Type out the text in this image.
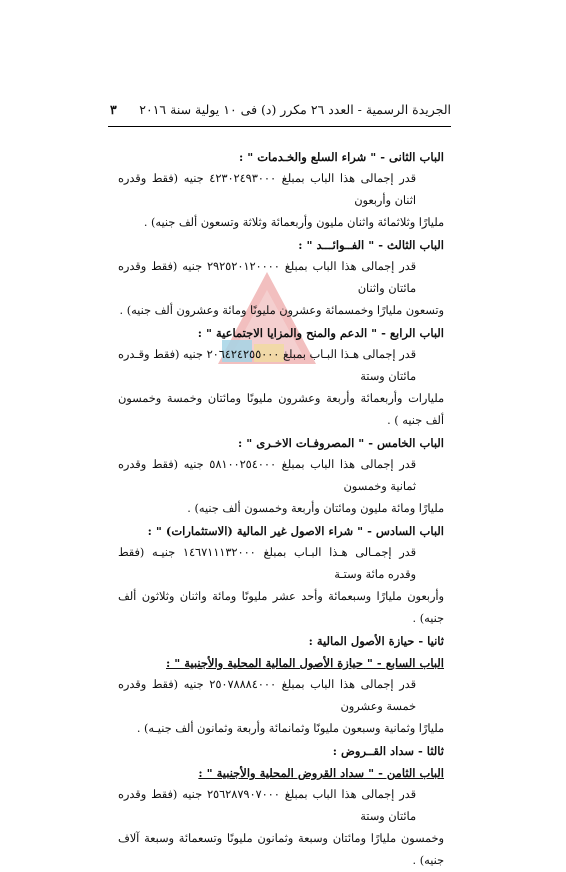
الجريدة الرسمية - العدد ٢٦ مكرر (د) فى ١٠ يولية سنة ٢٠١٦
٣

الباب الثانى - " شراء السلع والخـدمات " :

قدر إجمالى هذا الباب بمبلغ ٤٢٣٠٢٤٩٣٠٠٠ جنيه (فقط وقدره اثنان وأربعون

مليارًا وثلاثمائة واثنان مليون وأربعمائة وثلاثة وتسعون ألف جنيه) .

الباب الثالث - " الفــوائـــد " :

قدر إجمالى هذا الباب بمبلغ ٢٩٢٥٢٠١٢٠٠٠٠ جنيه (فقط وقدره مائتان واثنان

وتسعون مليارًا وخمسمائة وعشرون مليونًا ومائة وعشرون ألف جنيه) .

الباب الرابع - " الدعم والمنح والمزايا الاجتماعية " :

قدر إجمالى هـذا البـاب بمبلغ ٢٠٦٤٢٤٢٥٥٠٠٠ جنيه (فقط وقـدره مائتان وستة

مليارات وأربعمائة وأربعة وعشرون مليونًا ومائتان وخمسة وخمسون ألف جنيه ) .

الباب الخامس - " المصروفـات الاخـرى " :

قدر إجمالى هذا الباب بمبلغ ٥٨١٠٠٢٥٤٠٠٠ جنيه (فقط وقدره ثمانية وخمسون

مليارًا ومائة مليون ومائتان وأربعة وخمسون ألف جنيه) .

الباب السادس - " شراء الاصول غير المالية (الاستثمارات) " :

قدر إجمـالى هـذا البـاب بمبلغ ١٤٦٧١١١٣٢٠٠٠ جنيـه (فقط وقدره مائة وستـة

وأربعون مليارًا وسبعمائة وأحد عشر مليونًا ومائة واثنان وثلاثون ألف جنيه) .

ثانيا - حيازة الأصول المالية :

الباب السابع - " حيازة الأصول المالية المحلية والأجنبية " :

قدر إجمالى هذا الباب بمبلغ ٢٥٠٧٨٨٨٤٠٠٠ جنيه (فقط وقدره خمسة وعشرون

مليارًا وثمانية وسبعون مليونًا وثمانمائة وأربعة وثمانون ألف جنيـه) .

ثالثا - سداد القــروض :

الباب الثامن - " سداد القروض المحلية والأجنبية " :

قدر إجمالى هذا الباب بمبلغ ٢٥٦٢٨٧٩٠٧٠٠٠ جنيه (فقط وقدره مائتان وستة

وخمسون مليارًا ومائتان وسبعة وثمانون مليونًا وتسعمائة وسبعة آلاف جنيه) .
